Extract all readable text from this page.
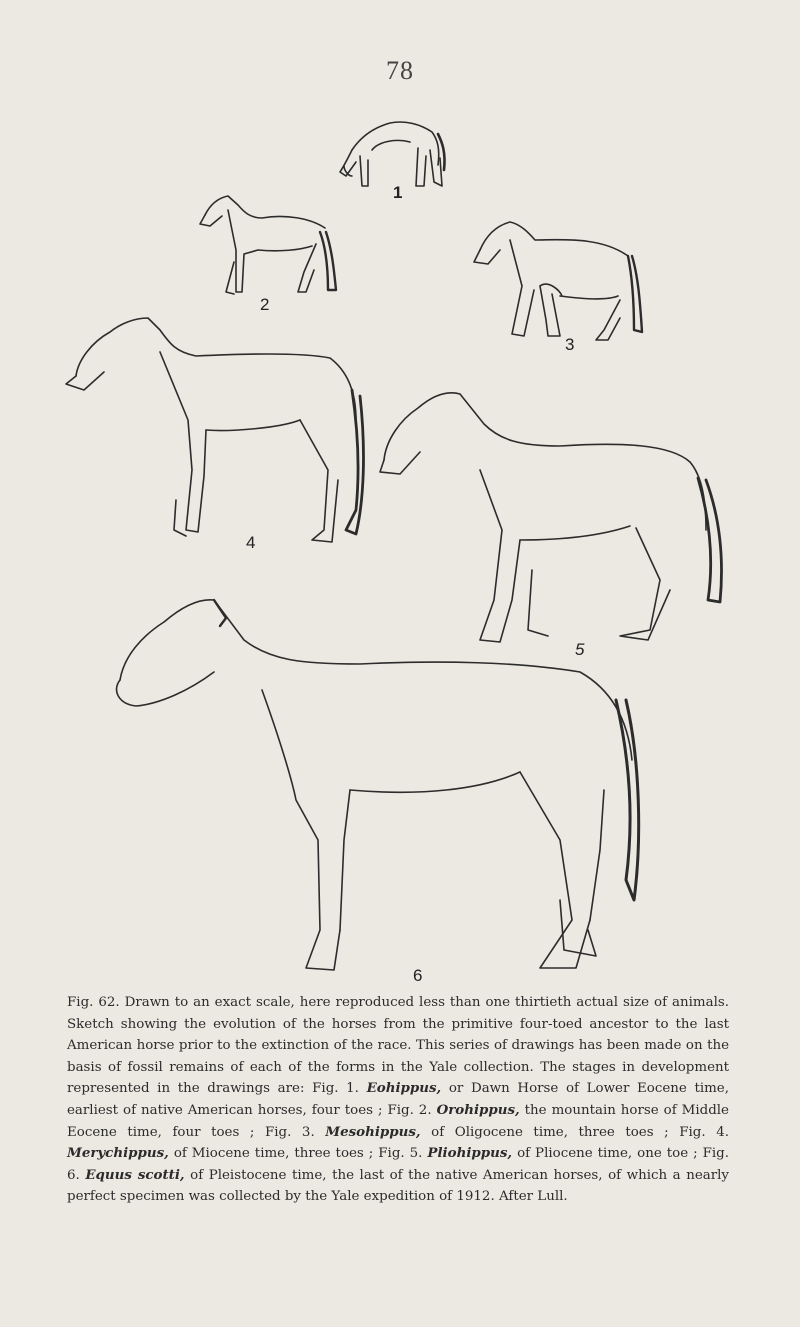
78
1
2
3
4
5
6
Fig. 62. Drawn to an exact scale, here reproduced less than one thirtieth actual size of animals. Sketch showing the evolution of the horses from the primitive four-toed ancestor to the last American horse prior to the extinction of the race. This series of drawings has been made on the basis of fossil remains of each of the forms in the Yale collection. The stages in development represented in the drawings are: Fig. 1. Eohippus, or Dawn Horse of Lower Eocene time, earliest of native American horses, four toes ; Fig. 2. Orohippus, the mountain horse of Middle Eocene time, four toes ; Fig. 3. Mesohippus, of Oligocene time, three toes ; Fig. 4. Merychippus, of Miocene time, three toes ; Fig. 5. Pliohippus, of Pliocene time, one toe ; Fig. 6. Equus scotti, of Pleistocene time, the last of the native American horses, of which a nearly perfect specimen was collected by the Yale expedition of 1912. After Lull.
